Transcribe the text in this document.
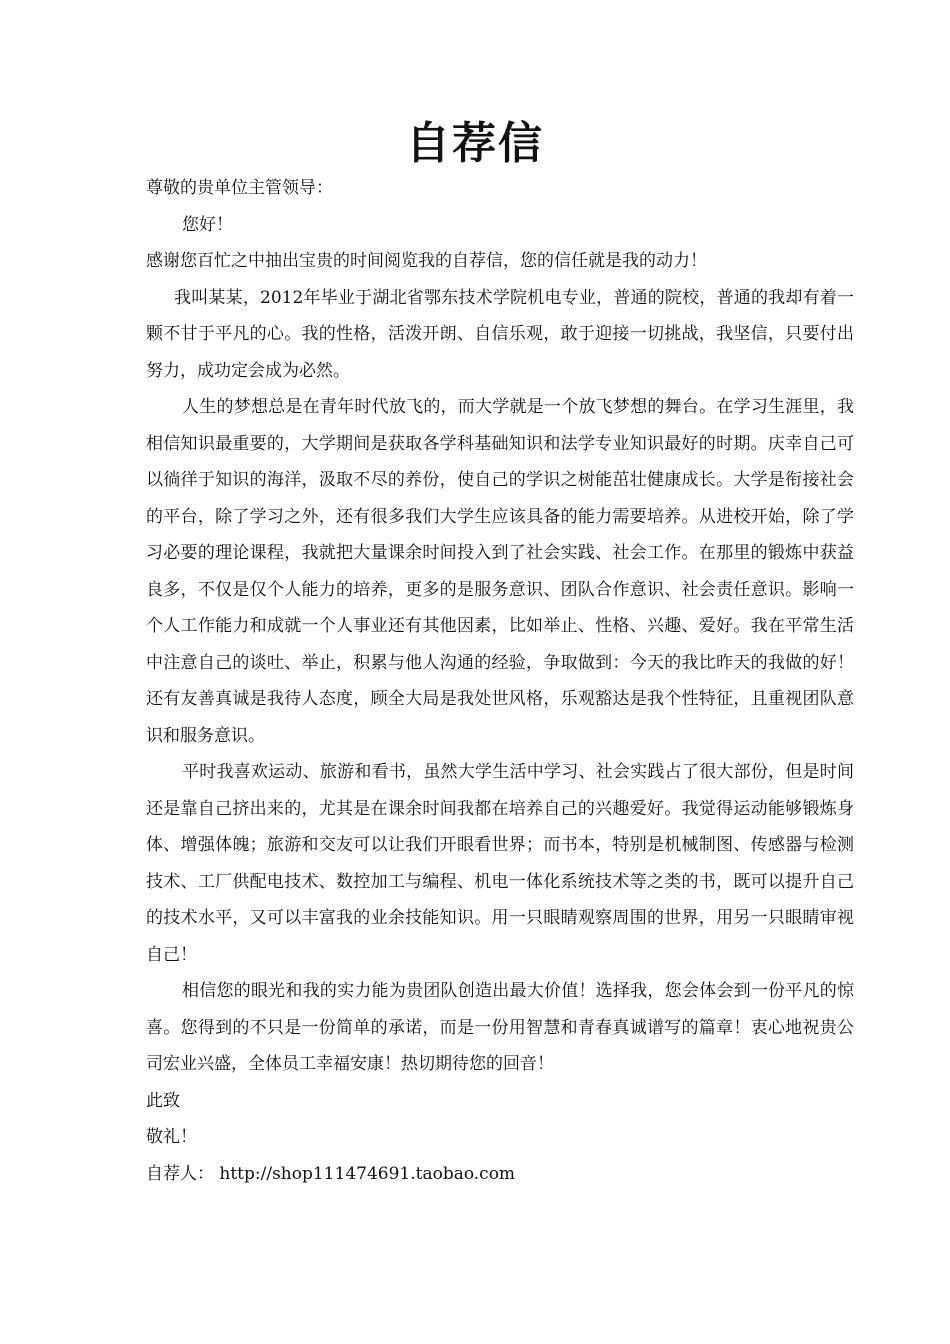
自荐信

尊敬的贵单位主管领导：

您好！

感谢您百忙之中抽出宝贵的时间阅览我的自荐信，您的信任就是我的动力！

我叫某某，2012年毕业于湖北省鄂东技术学院机电专业，普通的院校，普通的我却有着一颗不甘于平凡的心。我的性格，活泼开朗、自信乐观，敢于迎接一切挑战，我坚信，只要付出努力，成功定会成为必然。

人生的梦想总是在青年时代放飞的，而大学就是一个放飞梦想的舞台。在学习生涯里，我相信知识最重要的，大学期间是获取各学科基础知识和法学专业知识最好的时期。庆幸自己可以徜徉于知识的海洋，汲取不尽的养份，使自己的学识之树能茁壮健康成长。大学是衔接社会的平台，除了学习之外，还有很多我们大学生应该具备的能力需要培养。从进校开始，除了学习必要的理论课程，我就把大量课余时间投入到了社会实践、社会工作。在那里的锻炼中获益良多，不仅是仅个人能力的培养，更多的是服务意识、团队合作意识、社会责任意识。影响一个人工作能力和成就一个人事业还有其他因素，比如举止、性格、兴趣、爱好。我在平常生活中注意自己的谈吐、举止，积累与他人沟通的经验，争取做到：今天的我比昨天的我做的好！还有友善真诚是我待人态度，顾全大局是我处世风格，乐观豁达是我个性特征，且重视团队意识和服务意识。

平时我喜欢运动、旅游和看书，虽然大学生活中学习、社会实践占了很大部份，但是时间还是靠自己挤出来的，尤其是在课余时间我都在培养自己的兴趣爱好。我觉得运动能够锻炼身体、增强体魄；旅游和交友可以让我们开眼看世界；而书本，特别是机械制图、传感器与检测技术、工厂供配电技术、数控加工与编程、机电一体化系统技术等之类的书，既可以提升自己的技术水平，又可以丰富我的业余技能知识。用一只眼睛观察周围的世界，用另一只眼睛审视自己！

相信您的眼光和我的实力能为贵团队创造出最大价值！选择我，您会体会到一份平凡的惊喜。您得到的不只是一份简单的承诺，而是一份用智慧和青春真诚谱写的篇章！衷心地祝贵公司宏业兴盛，全体员工幸福安康！热切期待您的回音！

此致

敬礼！

自荐人： http://shop111474691.taobao.com
